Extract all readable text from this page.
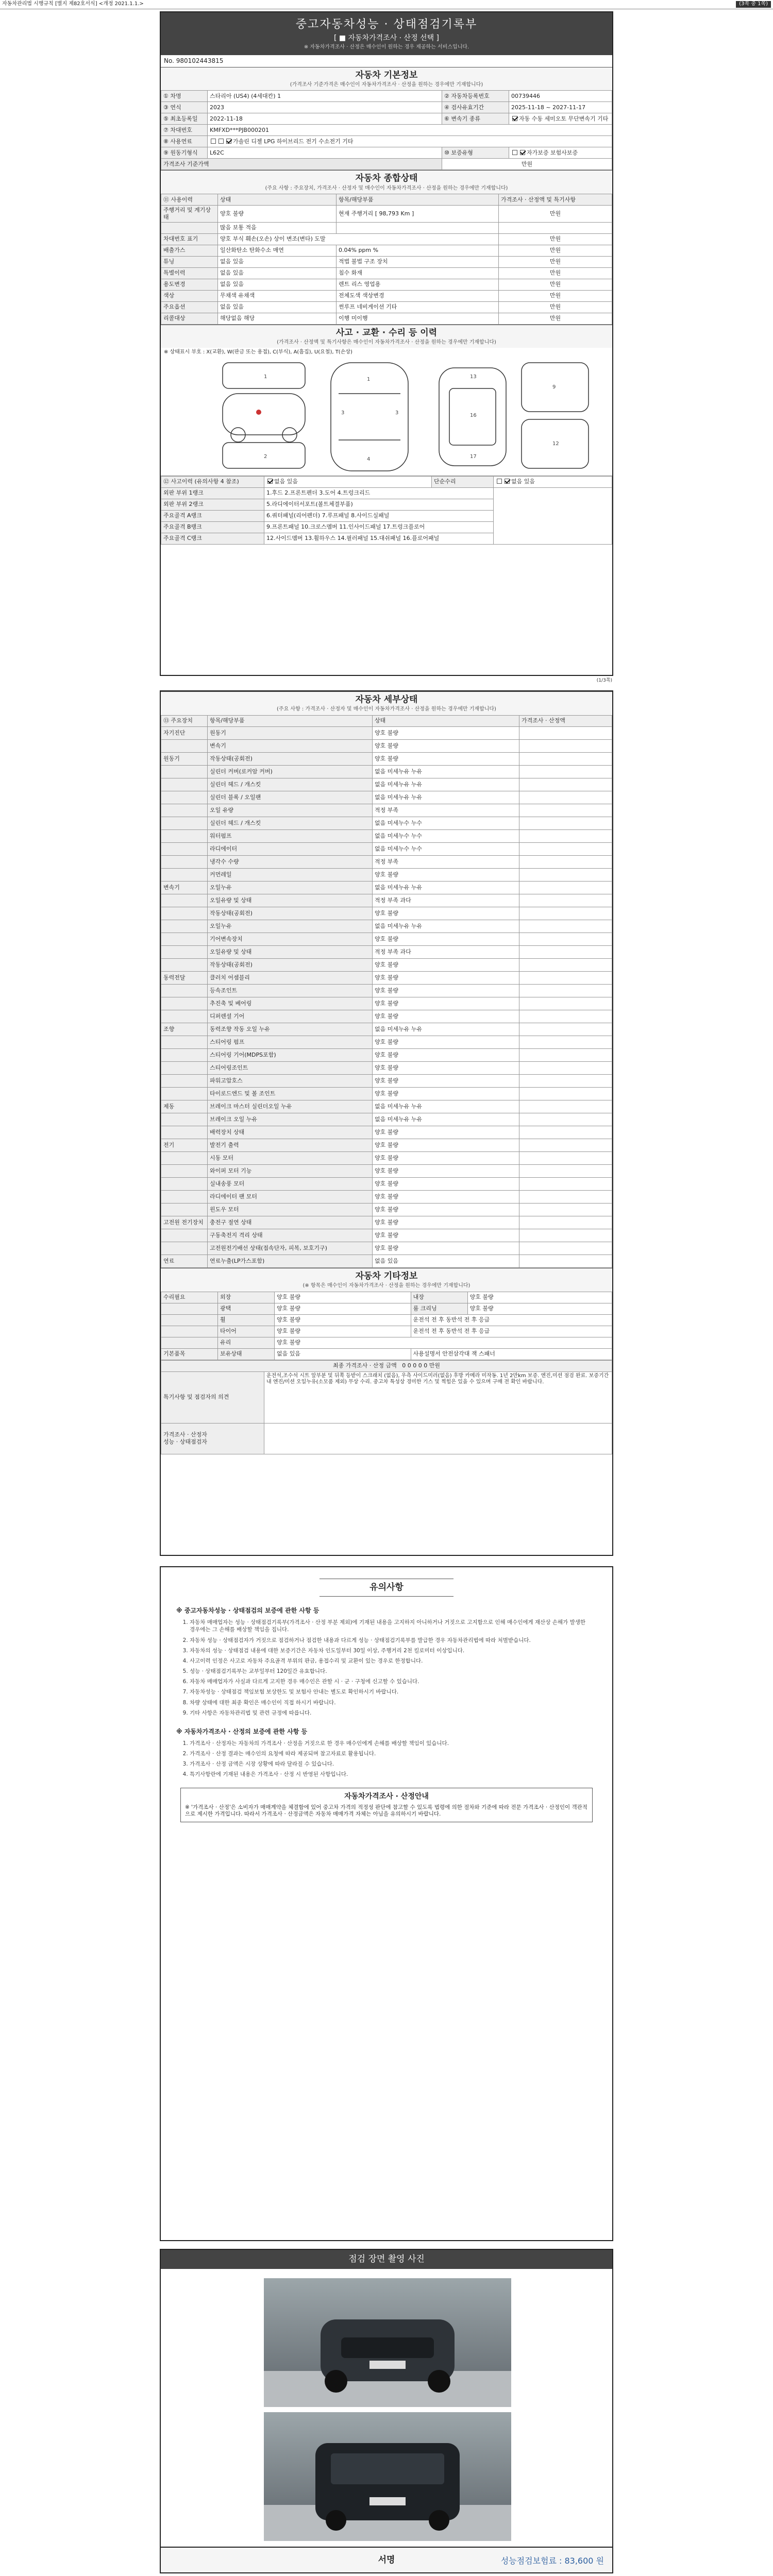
자동차관리법 시행규칙 [별지 제82호서식] <개정 2021.1.1.>	(3쪽 중 1쪽)
중고자동차성능 · 상태점검기록부
[ ■ 자동차가격조사 · 산정 선택 ]
※ 자동차가격조사 · 산정은 매수인이 원하는 경우 제공하는 서비스입니다.
No. 980102443815
자동차 기본정보
(가격조사 기준가격은 매수인이 자동차가격조사 · 산정을 원하는 경우에만 기재합니다)
① 차명	스타리아 (US4) (4세대칸) 1	② 자동차등록번호	00739446
③ 연식	2023	④ 검사유효기간	2025-11-18 ~ 2027-11-17
⑤ 최초등록일	2022-11-18	⑥ 변속기 종류	자동 수동 세미오토 무단변속기 기타
⑦ 차대번호	KMFXD***PJB000201		
⑧ 사용연료	가솔린 디젤 LPG 하이브리드 전기 수소전기 기타		
⑨ 원동기형식	L62C	⑩ 보증유형	자가보증 보험사보증
가격조사 기준가액		만원	
자동차 종합상태
(주요 사항 : 주요장치, 가격조사 · 산정자 및 매수인이 자동차가격조사 · 산정을 원하는 경우에만 기재합니다)
⑪ 사용이력	상태	항목/해당부품	가격조사 · 산정액 및 특기사항
주행거리 및 계기상태	양호 불량	현재 주행거리 [ 98,793 Km ]	만원
	많음 보통 적음		
차대번호 표기	양호 부식 훼손(오손) 상이 변조(변타) 도말		만원
배출가스	일산화탄소 탄화수소 매연	0.04% ppm %	만원
튜닝	없음 있음	적법 불법 구조 장치	만원
특별이력	없음 있음	침수 화재	만원
용도변경	없음 있음	렌트 리스 영업용	만원
색상	무채색 유채색	전체도색 색상변경	만원
주요옵션	없음 있음	썬루프 네비게이션 기타	만원
리콜대상	해당없음 해당	이행 미이행	만원
사고 · 교환 · 수리 등 이력
(가격조사 · 산정액 및 특기사항은 매수인이 자동차가격조사 · 산정을 원하는 경우에만 기재합니다)
※ 상태표시 부호 : X(교환), W(판금 또는 용접), C(부식), A(흠집), U(요철), T(손상)
1
2
1
3	3
4
13
16
17
9
12
⑫ 사고이력 (유의사항 4 참조)	없음 있음	단순수리	없음 있음
외판 부위 1랭크	1.후드 2.프론트펜더 3.도어 4.트렁크리드		
외판 부위 2랭크	5.라디에이터서포트(볼트체결부품)		
주요골격 A랭크	6.쿼터패널(리어펜더) 7.루프패널 8.사이드실패널		
주요골격 B랭크	9.프론트패널 10.크로스멤버 11.인사이드패널 17.트렁크플로어		
주요골격 C랭크	12.사이드멤버 13.휠하우스 14.필러패널 15.대쉬패널 16.플로어패널		
(1/3쪽)
자동차 세부상태
(주요 사항 : 가격조사 · 산정자 및 매수인이 자동차가격조사 · 산정을 원하는 경우에만 기재합니다)
⑬ 주요장치	항목/해당부품	상태	가격조사 · 산정액
자기진단	원동기	양호 불량	
	변속기	양호 불량	
원동기	작동상태(공회전)	양호 불량	
	실린더 커버(로커암 커버)	없음 미세누유 누유	
	실린더 헤드 / 개스킷	없음 미세누유 누유	
	실린더 블록 / 오일팬	없음 미세누유 누유	
	오일 유량	적정 부족	
	실린더 헤드 / 개스킷	없음 미세누수 누수	
	워터펌프	없음 미세누수 누수	
	라디에이터	없음 미세누수 누수	
	냉각수 수량	적정 부족	
	커먼레일	양호 불량	
변속기	오일누유	없음 미세누유 누유	
	오일유량 및 상태	적정 부족 과다	
	작동상태(공회전)	양호 불량	
	오일누유	없음 미세누유 누유	
	기어변속장치	양호 불량	
	오일유량 및 상태	적정 부족 과다	
	작동상태(공회전)	양호 불량	
동력전달	클러치 어셈블리	양호 불량	
	등속조인트	양호 불량	
	추진축 및 베어링	양호 불량	
	디퍼렌셜 기어	양호 불량	
조향	동력조향 작동 오일 누유	없음 미세누유 누유	
	스티어링 펌프	양호 불량	
	스티어링 기어(MDPS포함)	양호 불량	
	스티어링조인트	양호 불량	
	파워고압호스	양호 불량	
	타이로드엔드 및 볼 조인트	양호 불량	
제동	브레이크 마스터 실린더오일 누유	없음 미세누유 누유	
	브레이크 오일 누유	없음 미세누유 누유	
	배력장치 상태	양호 불량	
전기	발전기 출력	양호 불량	
	시동 모터	양호 불량	
	와이퍼 모터 기능	양호 불량	
	실내송풍 모터	양호 불량	
	라디에이터 팬 모터	양호 불량	
	윈도우 모터	양호 불량	
고전원 전기장치	충전구 절연 상태	양호 불량	
	구동축전지 격리 상태	양호 불량	
	고전원전기배선 상태(접속단자, 피복, 보호기구)	양호 불량	
연료	연료누출(LP가스포함)	없음 있음	
자동차 기타정보
(※ 항목은 매수인이 자동차가격조사 · 산정을 원하는 경우에만 기재합니다)
수리필요	외장	양호 불량	내장	양호 불량
	광택	양호 불량	룸 크리닝	양호 불량
	휠	양호 불량	운전석 전 후 동반석 전 후 응급	
	타이어	양호 불량	운전석 전 후 동반석 전 후 응급	
	유리	양호 불량		
기본품목	보유상태	없음 있음	사용설명서 안전삼각대 잭 스패너	
최종 가격조사 · 산정 금액 0 0 0 0 0 만원	
특기사항 및 점검자의 의견	운전석,조수석 시트 앞부분 및 뒤쪽 등받이 스크래치 (없음), 우측 사이드미러(없음) 후방 카메라 미작동. 1년 2만km 보증. 엔진,미션 점검 완료. 보증기간 내 엔진/미션 오일누유(소모품 제외) 무상 수리. 중고차 특성상 경미한 기스 및 찍힘은 있을 수 있으며 구매 전 확인 바랍니다.

가격조사 · 산정자
성능 · 상태점검자	

유의사항
※ 중고자동차성능 · 상태점검의 보증에 관한 사항 등
1. 자동차 매매업자는 성능 · 상태점검기록부(가격조사 · 산정 부분 제외)에 기재된 내용을 고지하지 아니하거나 거짓으로 고지함으로 인해 매수인에게 재산상 손해가 발생한 경우에는 그 손해를 배상할 책임을 집니다.
2. 자동차 성능 · 상태점검자가 거짓으로 점검하거나 점검한 내용과 다르게 성능 · 상태점검기록부를 발급한 경우 자동차관리법에 따라 처벌받습니다.
3. 자동차의 성능 · 상태점검 내용에 대한 보증기간은 자동차 인도일부터 30일 이상, 주행거리 2천 킬로미터 이상입니다.
4. 사고이력 인정은 사고로 자동차 주요골격 부위의 판금, 용접수리 및 교환이 있는 경우로 한정합니다.
5. 성능 · 상태점검기록부는 교부일부터 120일간 유효합니다.
6. 자동차 매매업자가 사실과 다르게 고지한 경우 매수인은 관할 시 · 군 · 구청에 신고할 수 있습니다.
7. 자동차성능 · 상태점검 책임보험 보상한도 및 보험사 안내는 별도로 확인하시기 바랍니다.
8. 차량 상태에 대한 최종 확인은 매수인이 직접 하시기 바랍니다.
9. 기타 사항은 자동차관리법 및 관련 규정에 따릅니다.
※ 자동차가격조사 · 산정의 보증에 관한 사항 등
1. 가격조사 · 산정자는 자동차의 가격조사 · 산정을 거짓으로 한 경우 매수인에게 손해를 배상할 책임이 있습니다.
2. 가격조사 · 산정 결과는 매수인의 요청에 따라 제공되며 참고자료로 활용됩니다.
3. 가격조사 · 산정 금액은 시장 상황에 따라 달라질 수 있습니다.
4. 특기사항란에 기재된 내용은 가격조사 · 산정 시 반영된 사항입니다.
자동차가격조사 · 산정안내
※ '가격조사 · 산정'은 소비자가 매매계약을 체결함에 있어 중고차 가격의 적정성 판단에 참고할 수 있도록 법령에 의한 절차와 기준에 따라 전문 가격조사 · 산정인이 객관적으로 제시한 가격입니다. 따라서 가격조사 · 산정금액은 자동차 매매가격 자체는 아님을 유의하시기 바랍니다.
점검 장면 촬영 사진
서명	성능점검보험료 : 83,600 원
